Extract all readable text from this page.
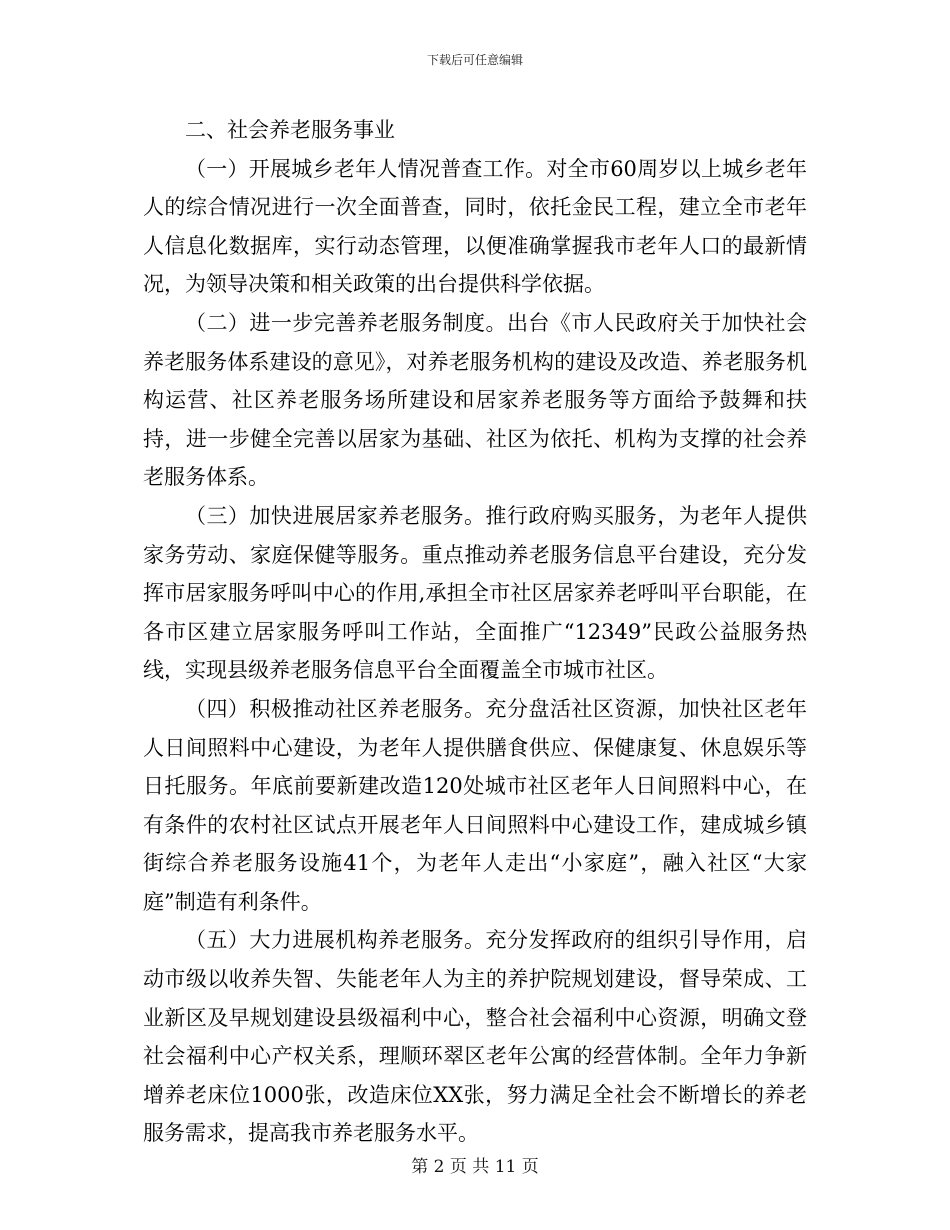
下载后可任意编辑

二、社会养老服务事业

（一）开展城乡老年人情况普查工作。对全市60周岁以上城乡老年人的综合情况进行一次全面普查，同时，依托金民工程，建立全市老年人信息化数据库，实行动态管理，以便准确掌握我市老年人口的最新情况，为领导决策和相关政策的出台提供科学依据。

（二）进一步完善养老服务制度。出台《市人民政府关于加快社会养老服务体系建设的意见》，对养老服务机构的建设及改造、养老服务机构运营、社区养老服务场所建设和居家养老服务等方面给予鼓舞和扶持，进一步健全完善以居家为基础、社区为依托、机构为支撑的社会养老服务体系。

（三）加快进展居家养老服务。推行政府购买服务，为老年人提供家务劳动、家庭保健等服务。重点推动养老服务信息平台建设，充分发挥市居家服务呼叫中心的作用,承担全市社区居家养老呼叫平台职能，在各市区建立居家服务呼叫工作站，全面推广“12349”民政公益服务热线，实现县级养老服务信息平台全面覆盖全市城市社区。

（四）积极推动社区养老服务。充分盘活社区资源，加快社区老年人日间照料中心建设，为老年人提供膳食供应、保健康复、休息娱乐等日托服务。年底前要新建改造120处城市社区老年人日间照料中心，在有条件的农村社区试点开展老年人日间照料中心建设工作，建成城乡镇街综合养老服务设施41个，为老年人走出“小家庭”，融入社区“大家庭”制造有利条件。

（五）大力进展机构养老服务。充分发挥政府的组织引导作用，启动市级以收养失智、失能老年人为主的养护院规划建设，督导荣成、工业新区及早规划建设县级福利中心，整合社会福利中心资源，明确文登社会福利中心产权关系，理顺环翠区老年公寓的经营体制。全年力争新增养老床位1000张，改造床位XX张，努力满足全社会不断增长的养老服务需求，提高我市养老服务水平。

第 2 页 共 11 页
